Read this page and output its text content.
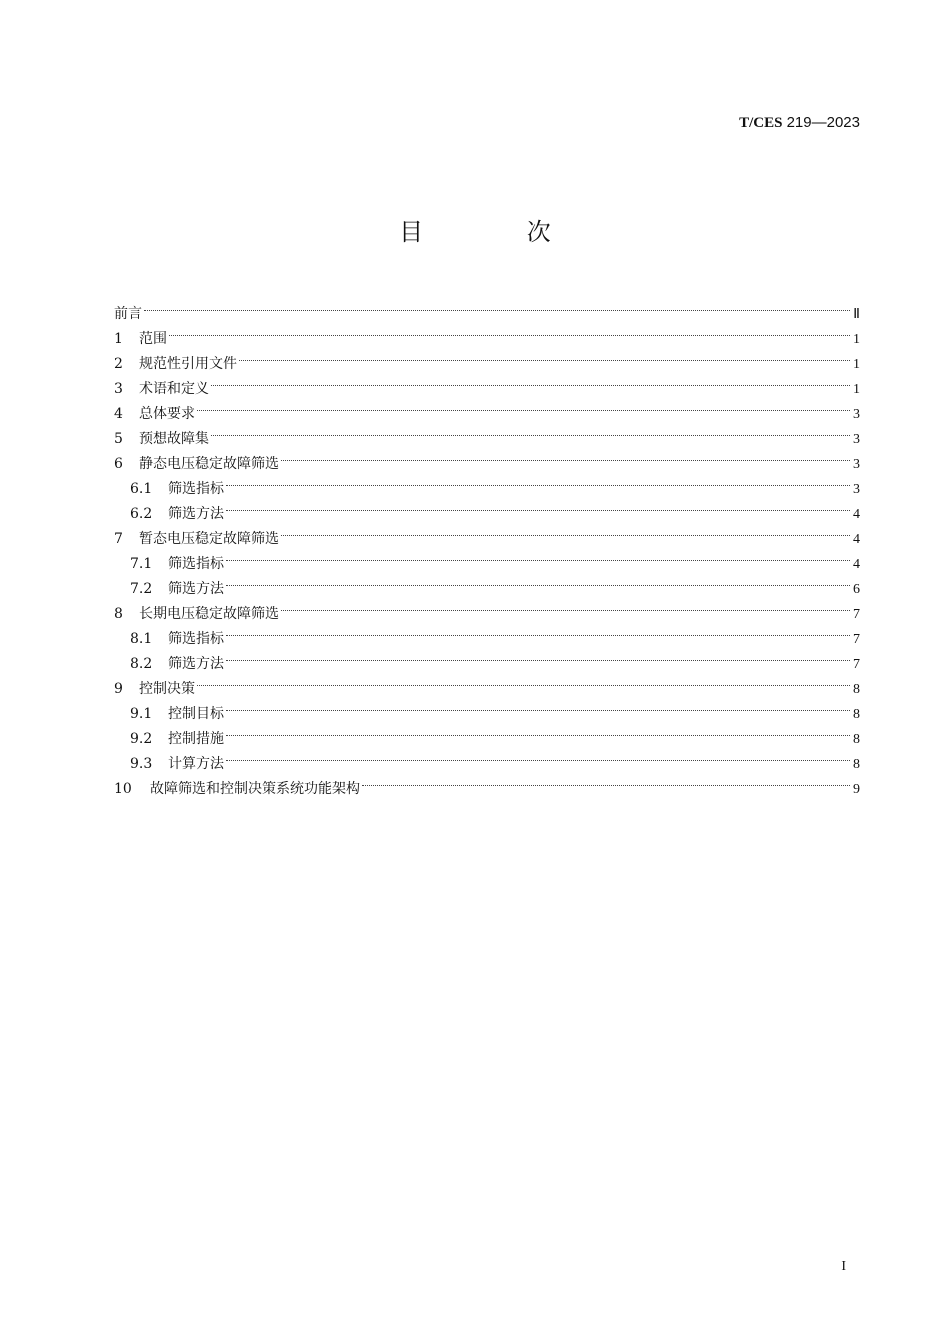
T/CES 219—2023
目 次
前言	Ⅱ
1	范围	1
2	规范性引用文件	1
3	术语和定义	1
4	总体要求	3
5	预想故障集	3
6	静态电压稳定故障筛选	3
6.1	筛选指标	3
6.2	筛选方法	4
7	暂态电压稳定故障筛选	4
7.1	筛选指标	4
7.2	筛选方法	6
8	长期电压稳定故障筛选	7
8.1	筛选指标	7
8.2	筛选方法	7
9	控制决策	8
9.1	控制目标	8
9.2	控制措施	8
9.3	计算方法	8
10	故障筛选和控制决策系统功能架构	9
I
